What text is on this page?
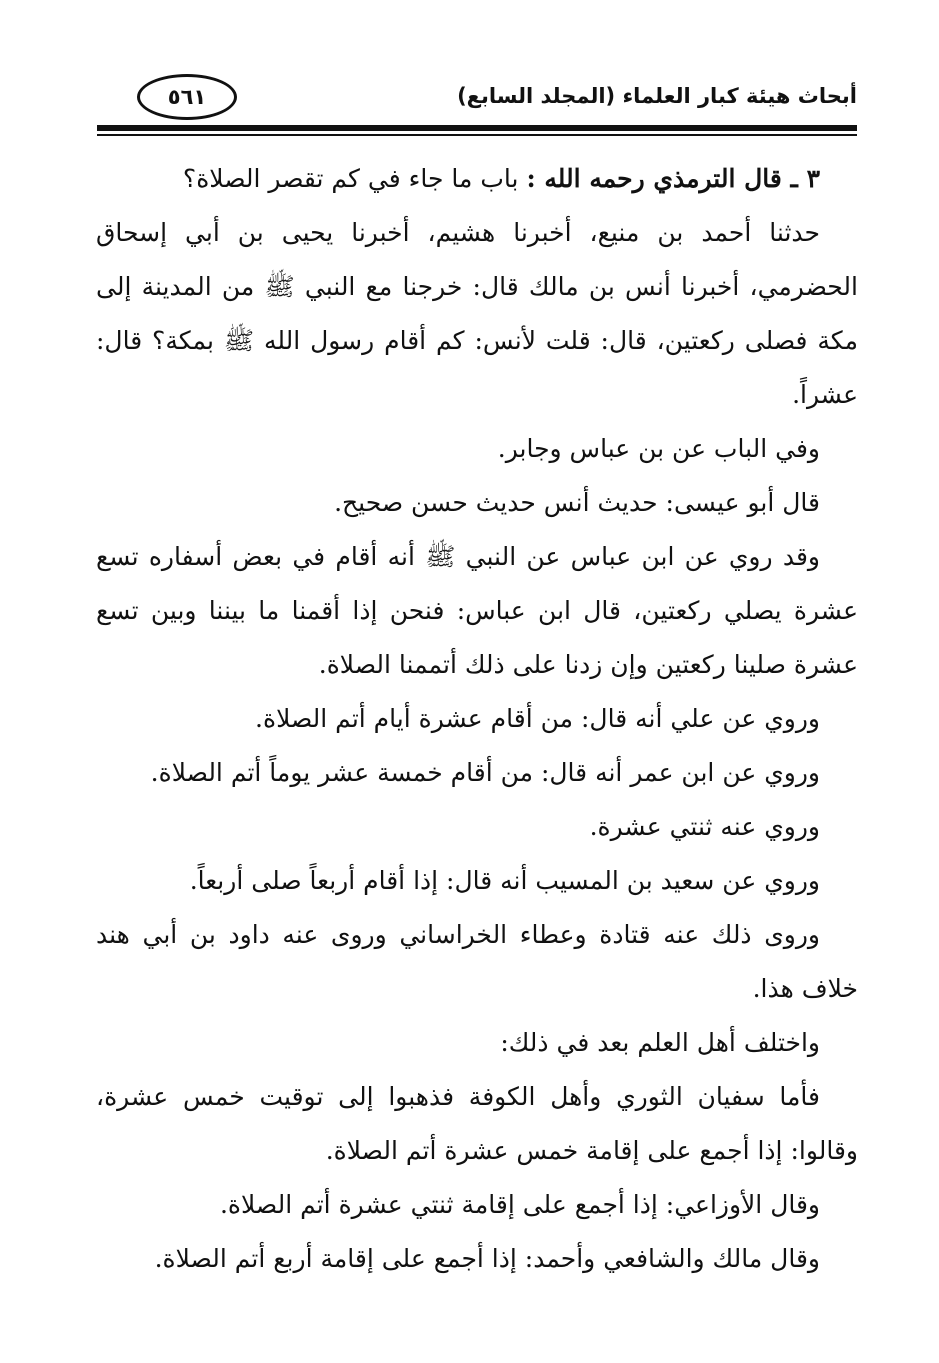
أبحاث هيئة كبار العلماء (المجلد السابع)
٥٦١

٣ ـ قال الترمذي رحمه الله : باب ما جاء في كم تقصر الصلاة؟

حدثنا أحمد بن منيع، أخبرنا هشيم، أخبرنا يحيى بن أبي إسحاق الحضرمي، أخبرنا أنس بن مالك قال: خرجنا مع النبي ﷺ من المدينة إلى مكة فصلى ركعتين، قال: قلت لأنس: كم أقام رسول الله ﷺ بمكة؟ قال: عشراً.

وفي الباب عن بن عباس وجابر.

قال أبو عيسى: حديث أنس حديث حسن صحيح.

وقد روي عن ابن عباس عن النبي ﷺ أنه أقام في بعض أسفاره تسع عشرة يصلي ركعتين، قال ابن عباس: فنحن إذا أقمنا ما بيننا وبين تسع عشرة صلينا ركعتين وإن زدنا على ذلك أتممنا الصلاة.

وروي عن علي أنه قال: من أقام عشرة أيام أتم الصلاة.

وروي عن ابن عمر أنه قال: من أقام خمسة عشر يوماً أتم الصلاة.

وروي عنه ثنتي عشرة.

وروي عن سعيد بن المسيب أنه قال: إذا أقام أربعاً صلى أربعاً.

وروى ذلك عنه قتادة وعطاء الخراساني وروى عنه داود بن أبي هند خلاف هذا.

واختلف أهل العلم بعد في ذلك:

فأما سفيان الثوري وأهل الكوفة فذهبوا إلى توقيت خمس عشرة، وقالوا: إذا أجمع على إقامة خمس عشرة أتم الصلاة.

وقال الأوزاعي: إذا أجمع على إقامة ثنتي عشرة أتم الصلاة.

وقال مالك والشافعي وأحمد: إذا أجمع على إقامة أربع أتم الصلاة.
